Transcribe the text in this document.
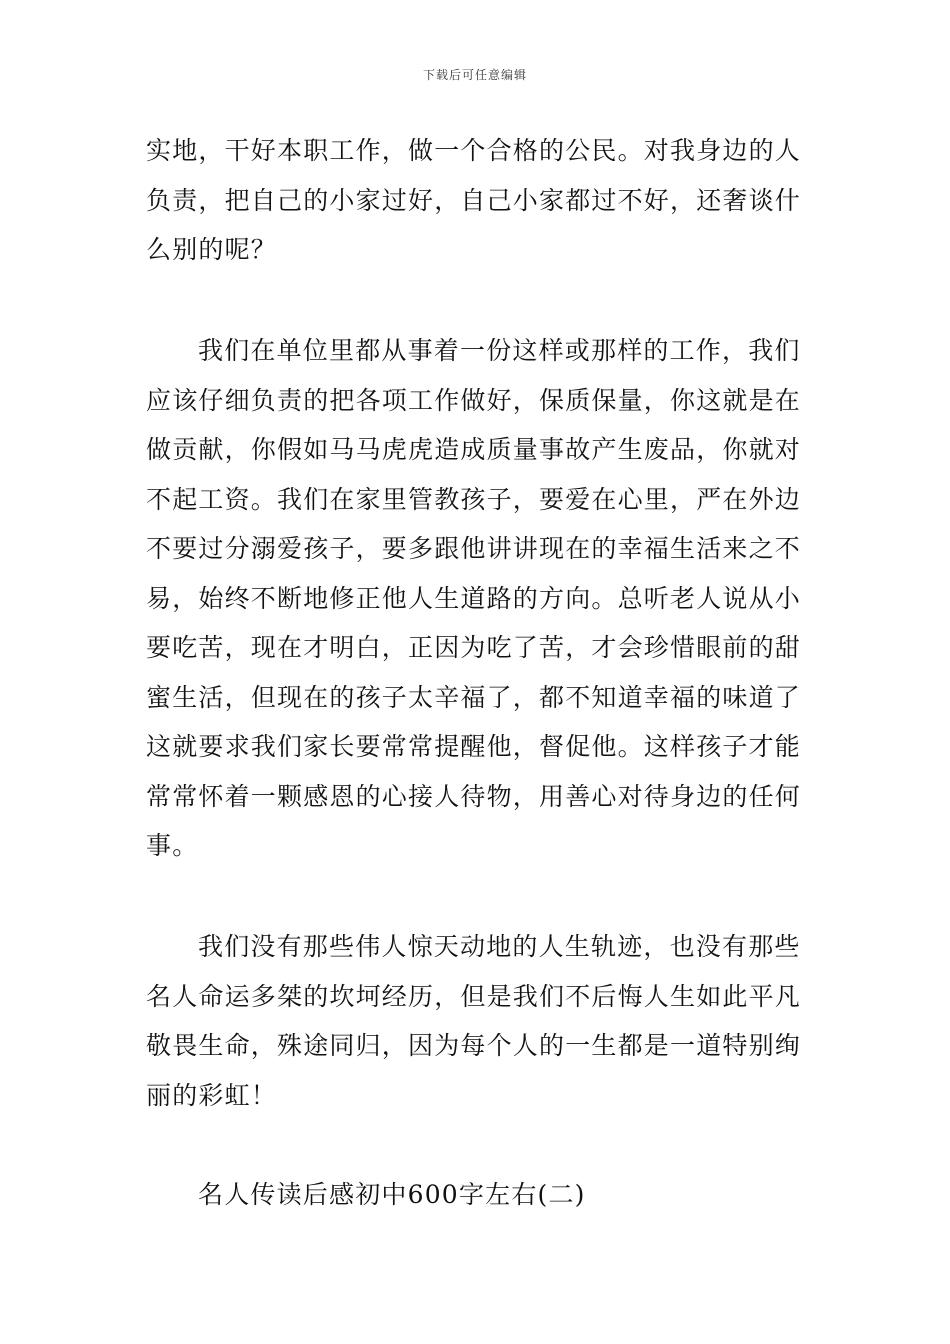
下载后可任意编辑

实地，干好本职工作，做一个合格的公民。对我身边的人
负责，把自己的小家过好，自己小家都过不好，还奢谈什
么别的呢？

我们在单位里都从事着一份这样或那样的工作，我们
应该仔细负责的把各项工作做好，保质保量，你这就是在
做贡献，你假如马马虎虎造成质量事故产生废品，你就对
不起工资。我们在家里管教孩子，要爱在心里，严在外边
不要过分溺爱孩子，要多跟他讲讲现在的幸福生活来之不
易，始终不断地修正他人生道路的方向。总听老人说从小
要吃苦，现在才明白，正因为吃了苦，才会珍惜眼前的甜
蜜生活，但现在的孩子太辛福了，都不知道幸福的味道了
这就要求我们家长要常常提醒他，督促他。这样孩子才能
常常怀着一颗感恩的心接人待物，用善心对待身边的任何
事。

我们没有那些伟人惊天动地的人生轨迹，也没有那些
名人命运多桀的坎坷经历，但是我们不后悔人生如此平凡
敬畏生命，殊途同归，因为每个人的一生都是一道特别绚
丽的彩虹！

名人传读后感初中600字左右(二)
